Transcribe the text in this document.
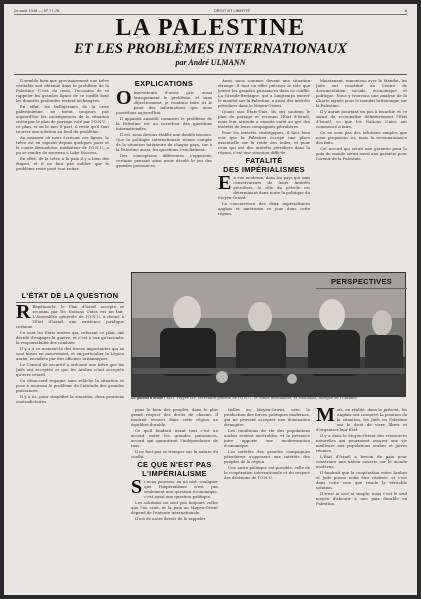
2e août 1948 — Nº 77-78	DROIT ET LIBERTÉ	5
LA PALESTINE
ET LES PROBLÈMES INTERNATIONAUX
par André ULMANN

Il semble bien que provisoirement une trêve véritable soit obtenue dans le problème de la Palestine. C'est, du reste, l'occasion de se rappeler les grandes lignes de ce conflit dont les données profondes restent inchangées.

En effet, les belligérants de la crise palestinienne, ne tirent toujours pas aujourd'hui les conséquences de la situation créée par le plan de partage voté par l'O.N.U. ; ce plan, si on le met à part, il reste qu'il faut trouver une solution au fond du problème.

Au moment où nous écrivons ces lignes, la trêve est en vigueur depuis quelques jours et le comte Bernadotte, médiateur de l'O.N.U., a pu se rendre de nouveau à Lake Success.

En effet, de la trêve à la paix il y a bien des étapes, et il ne faut pas oublier que le problème reste posé tout entier.

L'ÉTAT DE LA QUESTION
R Répétons-le, le Plan d'Israël accepté et reconnu par les Nations Unies est un fait. L'Assemblée générale de l'O.N.U. a donné à l'État d'Israël une existence juridique certaine.

Ce sont les États arabes qui, refusant ce plan, ont décidé d'engager la guerre, et c'est à eux qu'incombe la responsabilité des combats.

Il y a à ce moment-là des forces importantes qui se sont mises en mouvement, et en particulier la Légion arabe, encadrée par des officiers britanniques.

Le Conseil de sécurité a ordonné une trêve que les Juifs ont acceptée et que les Arabes n'ont acceptée qu'avec retard.

Ce désaccord regagne sans relâche la situation et pose à nouveau le problème de l'attitude des grandes puissances.

Il y a ici, pour simplifier la situation, deux positions contradictoires.

EXPLICATIONS
O bservateurs d'avoir pris aussi brusquement le problème, et sans objectivement, je voudrais faire ici le point des informations que nous possédons aujourd'hui.

Il apparaît aussitôt comment le problème de la Palestine est au carrefour des questions internationales.

Il est, nous devons établir une double tension. Que la politique internationale tienne compte de la situation intérieure de chaque pays, car à la Palestine aussi, les questions s'enchaînent.

Des conceptions différentes s'opposent, certains pensant ainsi avoir décelé le jeu des grandes puissances.

Aussi nous sommes devant une situation étrange. Il faut en effet préciser le rôle que jouent les grandes puissances dans ce conflit. La Grande-Bretagne, qui a longtemps exercé le mandat sur la Palestine, a aussi des intérêts pétroliers dans le Moyen-Orient.

Quant aux États-Unis, ils ont soutenu le plan de partage et reconnu l'État d'Israël, mais leur attitude a ensuite varié au gré des intérêts de leurs compagnies pétrolières.

Pour les intérêts stratégiques, il faut bien voir que la Palestine occupe une place essentielle sur la route des Indes, et pour ceux qui ont des intérêts pétroliers dans la région, c'est une situation difficile.

FATALITÉ
DES IMPÉRIALISMES
E n vue moderne, dans les pays qui sont conservateurs de leurs intérêts pétroliers, le rôle du pétrole est déterminant dans toute la politique du Moyen-Orient.

La concurrence des deux impérialismes anglais et américain se joue dans cette région.

Maintenant, remontons avec le Mandat, les Juifs ont constitué un Centre de documentation sociale, économique et politique. Nous y trouvons une analyse de la Charte signée pour le mandat britannique sur la Palestine.

Il y aurait pourtant un pas à franchir, et ce serait de reconnaître définitivement l'État d'Israël, ce que les Nations Unies ont commencé à faire.

Ce ne sont pas des solutions simples que nous proposons ici, mais la reconnaissance des faits.

Cet accord qui serait une garantie pour la paix du monde serait aussi une garantie pour l'avenir de la Palestine.

De gauche à droite : MM. Trygve Lie, secrétaire général de l'O.N.U., le comte Bernadotte, et Moutollas, délégué de l'Ukraine.
PERSPECTIVES
M ais, en réalité, dans le présent, les Anglais ont conservé la position de la situation, les Juifs en Palestine ont le droit de vivre libres et d'organiser leur État.

Il y a dans le Moyen-Orient des ressources naturelles qui pourraient assurer une vie meilleure aux populations arabes et juives réunies.

L'État d'Israël a besoin de paix pour construire une nation ouverte sur le monde moderne.

Il faudrait que la coopération entre Arabes et Juifs puisse enfin être réalisée, et c'est dans cette voie que réside la véritable solution.

Il n'est ni aisé ni simple, mais c'est le seul moyen d'aboutir à une paix durable en Palestine.

pour le bien des peuples, dans le plus grand respect des droits de chacun. Il faudrait trouver dans cette région un équilibre durable.

Ce qu'il faudrait avant tout c'est un accord entre les grandes puissances, accord qui garantirait l'indépendance de tous.

Il ne faut pas se tromper sur la nature du conflit.

CE QUE N'EST PAS
L'IMPÉRIALISME
S i nous pouvons, en un mot, souligner que l'impérialisme n'est pas seulement une question économique, c'est aussi une question politique.

Les solutions ne sont pas toujours celles que l'on croit, et la paix au Moyen-Orient dépend de l'entente internationale.

Il est de notre devoir de le rappeler.

tielles au Moyen-Orient, avec la production des forces politiques modernes, qui ne peuvent accepter une domination étrangère.

Les conditions de vie des populations arabes restent misérables, et la présence juive apporte une modernisation économique.

Les intérêts des grandes compagnies pétrolières s'opposent aux intérêts des peuples de la région.

Une autre politique est possible, celle de la coopération internationale et du respect des décisions de l'O.N.U.
